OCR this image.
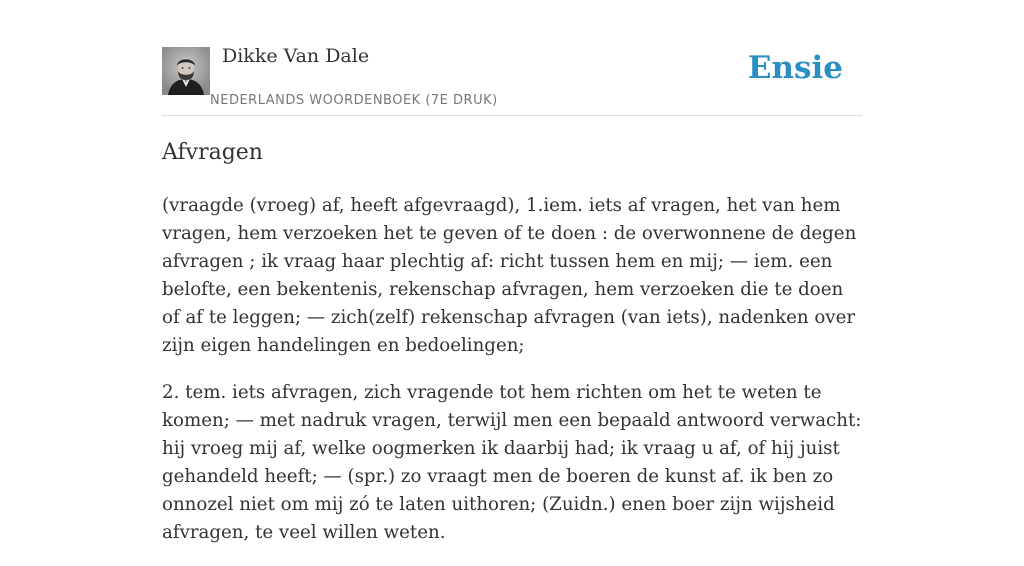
Dikke Van Dale
NEDERLANDS WOORDENBOEK (7E DRUK)
Ensie
Afvragen

(vraagde (vroeg) af, heeft afgevraagd), 1.iem. iets af vragen, het van hem vragen, hem verzoeken het te geven of te doen : de overwonnene de degen afvragen ; ik vraag haar plechtig af: richt tussen hem en mij; — iem. een belofte, een bekentenis, rekenschap afvragen, hem verzoeken die te doen of af te leggen; — zich(zelf) rekenschap afvragen (van iets), nadenken over zijn eigen handelingen en bedoelingen;

2. tem. iets afvragen, zich vragende tot hem richten om het te weten te komen; — met nadruk vragen, terwijl men een bepaald antwoord verwacht: hij vroeg mij af, welke oogmerken ik daarbij had; ik vraag u af, of hij juist gehandeld heeft; — (spr.) zo vraagt men de boeren de kunst af. ik ben zo onnozel niet om mij zó te laten uithoren; (Zuidn.) enen boer zijn wijsheid afvragen, te veel willen weten.
